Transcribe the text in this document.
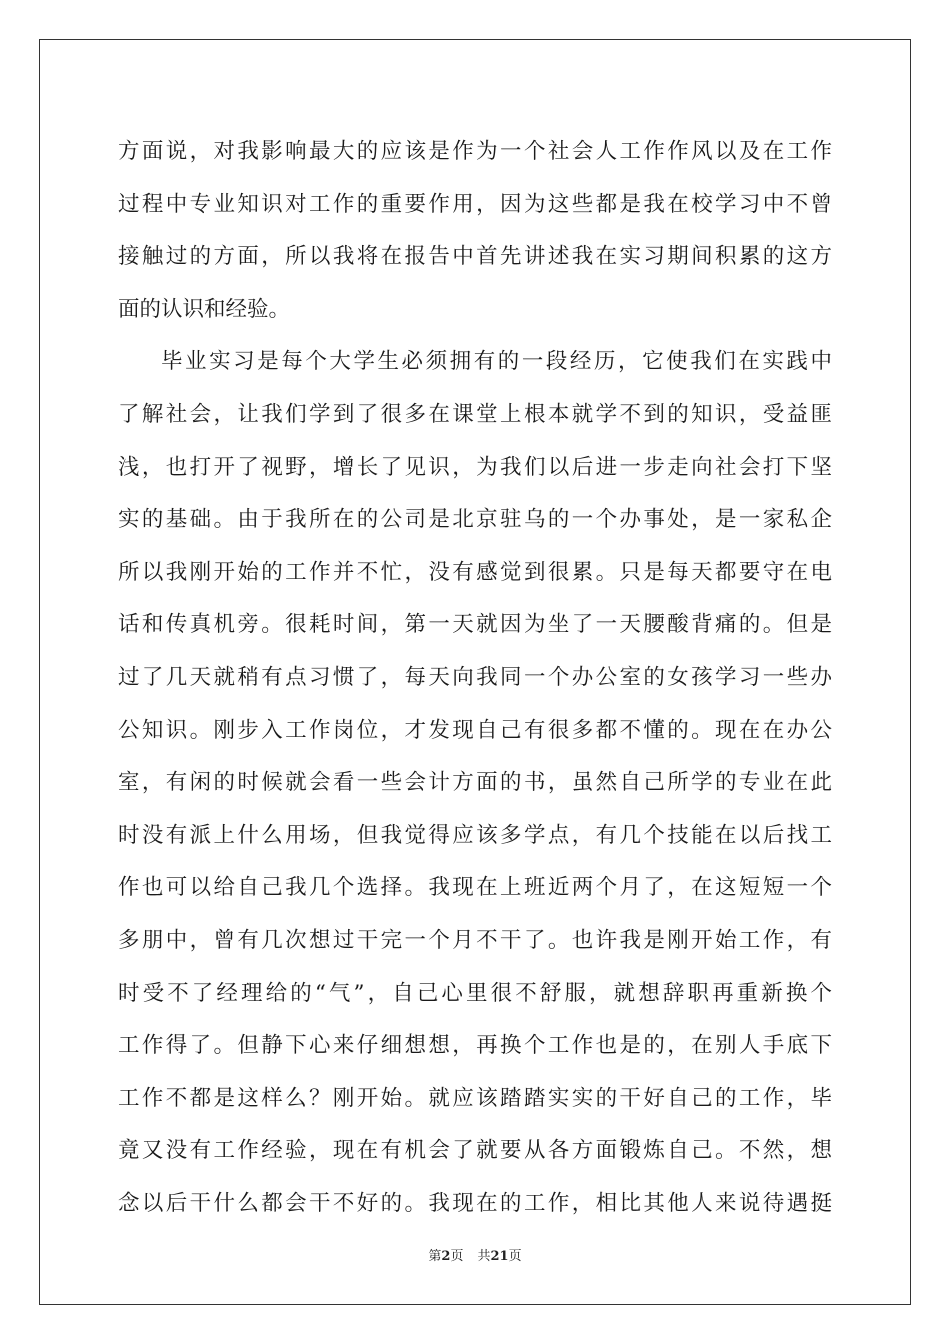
方面说，对我影响最大的应该是作为一个社会人工作作风以及在工作
过程中专业知识对工作的重要作用，因为这些都是我在校学习中不曾
接触过的方面，所以我将在报告中首先讲述我在实习期间积累的这方
面的认识和经验。
毕业实习是每个大学生必须拥有的一段经历，它使我们在实践中
了解社会，让我们学到了很多在课堂上根本就学不到的知识，受益匪
浅，也打开了视野，增长了见识，为我们以后进一步走向社会打下坚
实的基础。由于我所在的公司是北京驻乌的一个办事处，是一家私企
所以我刚开始的工作并不忙，没有感觉到很累。只是每天都要守在电
话和传真机旁。很耗时间，第一天就因为坐了一天腰酸背痛的。但是
过了几天就稍有点习惯了，每天向我同一个办公室的女孩学习一些办
公知识。刚步入工作岗位，才发现自己有很多都不懂的。现在在办公
室，有闲的时候就会看一些会计方面的书，虽然自己所学的专业在此
时没有派上什么用场，但我觉得应该多学点，有几个技能在以后找工
作也可以给自己我几个选择。我现在上班近两个月了，在这短短一个
多朋中，曾有几次想过干完一个月不干了。也许我是刚开始工作，有
时受不了经理给的“气”，自己心里很不舒服，就想辞职再重新换个
工作得了。但静下心来仔细想想，再换个工作也是的，在别人手底下
工作不都是这样么？刚开始。就应该踏踏实实的干好自己的工作，毕
竟又没有工作经验，现在有机会了就要从各方面锻炼自己。不然，想
念以后干什么都会干不好的。我现在的工作，相比其他人来说待遇挺
第2页 共21页
